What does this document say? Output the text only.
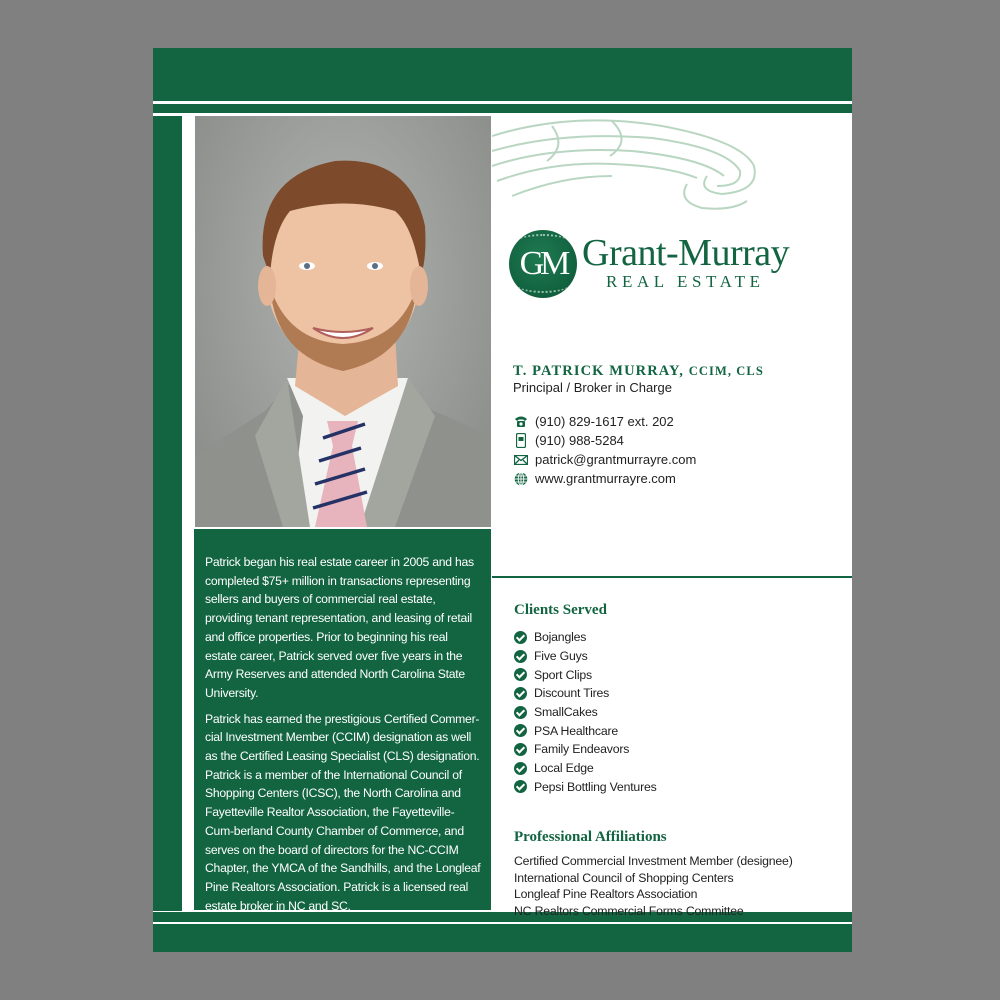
Patrick began his real estate career in 2005 and has completed $75+ million in transactions representing sellers and buyers of commercial real estate, providing tenant representation, and leasing of retail and office properties. Prior to beginning his real estate career, Patrick served over five years in the Army Reserves and attended North Carolina State University.

Patrick has earned the prestigious Certified Commer-cial Investment Member (CCIM) designation as well as the Certified Leasing Specialist (CLS) designation. Patrick is a member of the International Council of Shopping Centers (ICSC), the North Carolina and Fayetteville Realtor Association, the Fayetteville-Cum-berland County Chamber of Commerce, and serves on the board of directors for the NC-CCIM Chapter, the YMCA of the Sandhills, and the Longleaf Pine Realtors Association. Patrick is a licensed real estate broker in NC and SC.

GM Grant-Murray
REAL ESTATE
T. PATRICK MURRAY, CCIM, CLS
Principal / Broker in Charge
(910) 829-1617 ext. 202
(910) 988-5284
patrick@grantmurrayre.com
www.grantmurrayre.com
Clients Served
Bojangles
Five Guys
Sport Clips
Discount Tires
SmallCakes
PSA Healthcare
Family Endeavors
Local Edge
Pepsi Bottling Ventures
Professional Affiliations
Certified Commercial Investment Member (designee)
International Council of Shopping Centers
Longleaf Pine Realtors Association
NC Realtors Commercial Forms Committee
